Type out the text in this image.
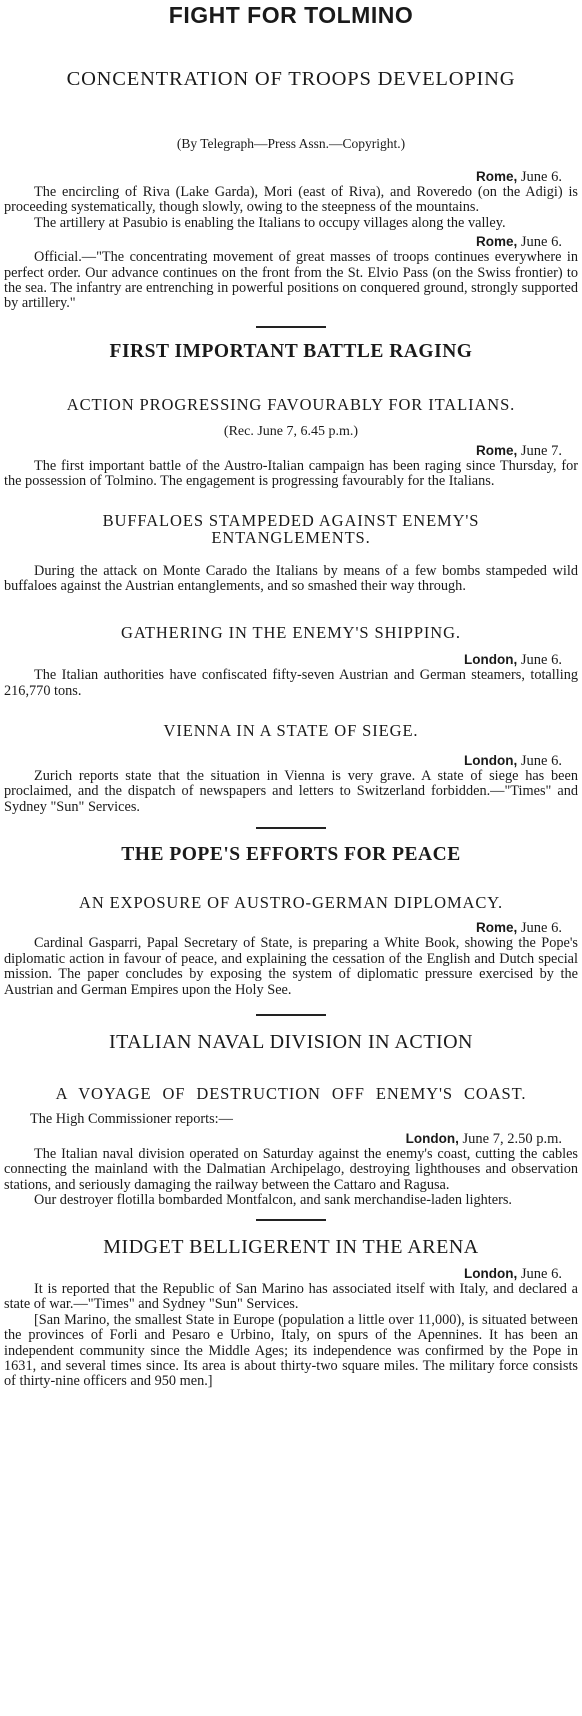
FIGHT FOR TOLMINO
CONCENTRATION OF TROOPS DEVELOPING

(By Telegraph—Press Assn.—Copyright.)

Rome, June 6.

The encircling of Riva (Lake Garda), Mori (east of Riva), and Roveredo (on the Adigi) is proceeding systematically, though slowly, owing to the steepness of the mountains.

The artillery at Pasubio is enabling the Italians to occupy villages along the valley.

Rome, June 6.

Official.—"The concentrating movement of great masses of troops continues everywhere in perfect order. Our advance continues on the front from the St. Elvio Pass (on the Swiss frontier) to the sea. The infantry are entrenching in powerful positions on conquered ground, strongly supported by artillery."

FIRST IMPORTANT BATTLE RAGING
ACTION PROGRESSING FAVOURABLY FOR ITALIANS.

(Rec. June 7, 6.45 p.m.)

Rome, June 7.

The first important battle of the Austro-Italian campaign has been raging since Thursday, for the possession of Tolmino. The engagement is progressing favourably for the Italians.

BUFFALOES STAMPEDED AGAINST ENEMY'S ENTANGLEMENTS.

During the attack on Monte Carado the Italians by means of a few bombs stampeded wild buffaloes against the Austrian entanglements, and so smashed their way through.

GATHERING IN THE ENEMY'S SHIPPING.

London, June 6.

The Italian authorities have confiscated fifty-seven Austrian and German steamers, totalling 216,770 tons.

VIENNA IN A STATE OF SIEGE.

London, June 6.

Zurich reports state that the situation in Vienna is very grave. A state of siege has been proclaimed, and the dispatch of newspapers and letters to Switzerland forbidden.—"Times" and Sydney "Sun" Services.

THE POPE'S EFFORTS FOR PEACE
AN EXPOSURE OF AUSTRO-GERMAN DIPLOMACY.

Rome, June 6.

Cardinal Gasparri, Papal Secretary of State, is preparing a White Book, showing the Pope's diplomatic action in favour of peace, and explaining the cessation of the English and Dutch special mission. The paper concludes by exposing the system of diplomatic pressure exercised by the Austrian and German Empires upon the Holy See.

ITALIAN NAVAL DIVISION IN ACTION
A VOYAGE OF DESTRUCTION OFF ENEMY'S COAST.

The High Commissioner reports:—

London, June 7, 2.50 p.m.

The Italian naval division operated on Saturday against the enemy's coast, cutting the cables connecting the mainland with the Dalmatian Archipelago, destroying lighthouses and observation stations, and seriously damaging the railway between the Cattaro and Ragusa.

Our destroyer flotilla bombarded Montfalcon, and sank merchandise-laden lighters.

MIDGET BELLIGERENT IN THE ARENA

London, June 6.

It is reported that the Republic of San Marino has associated itself with Italy, and declared a state of war.—"Times" and Sydney "Sun" Services.

[San Marino, the smallest State in Europe (population a little over 11,000), is situated between the provinces of Forli and Pesaro e Urbino, Italy, on spurs of the Apennines. It has been an independent community since the Middle Ages; its independence was confirmed by the Pope in 1631, and several times since. Its area is about thirty-two square miles. The military force consists of thirty-nine officers and 950 men.]
